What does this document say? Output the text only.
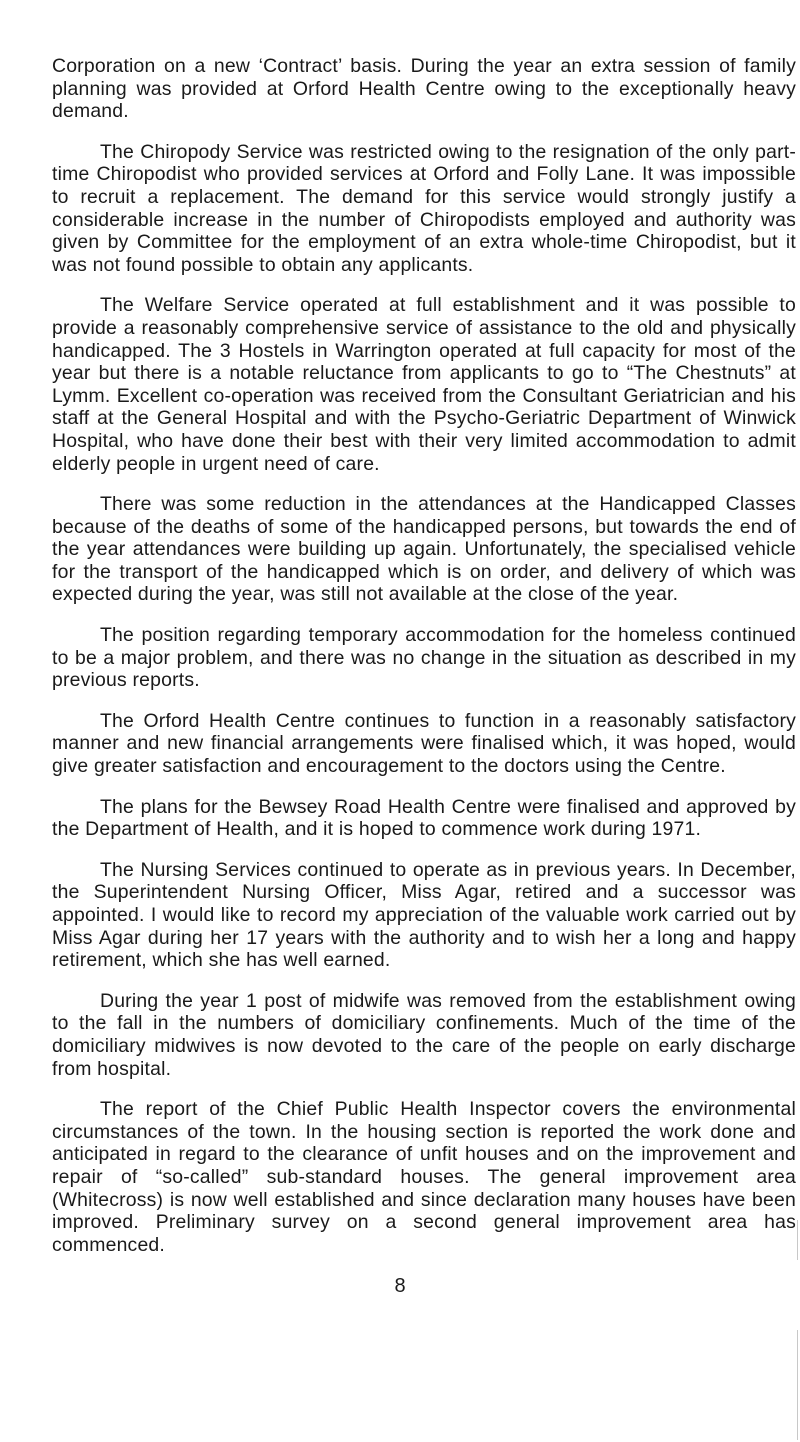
Corporation on a new ‘Contract’ basis. During the year an extra session of family planning was provided at Orford Health Centre owing to the exceptionally heavy demand.

The Chiropody Service was restricted owing to the resignation of the only part-time Chiropodist who provided services at Orford and Folly Lane. It was impossible to recruit a replacement. The demand for this service would strongly justify a considerable increase in the number of Chiropodists employed and authority was given by Committee for the employment of an extra whole-time Chiropodist, but it was not found possible to obtain any applicants.

The Welfare Service operated at full establishment and it was possible to provide a reasonably comprehensive service of assistance to the old and physically handicapped. The 3 Hostels in Warrington operated at full capacity for most of the year but there is a notable reluctance from applicants to go to “The Chestnuts” at Lymm. Excellent co-operation was received from the Consultant Geriatrician and his staff at the General Hospital and with the Psycho-Geriatric Department of Winwick Hospital, who have done their best with their very limited accommodation to admit elderly people in urgent need of care.

There was some reduction in the attendances at the Handicapped Classes because of the deaths of some of the handicapped persons, but towards the end of the year attendances were building up again. Unfortunately, the specialised vehicle for the transport of the handicapped which is on order, and delivery of which was expected during the year, was still not available at the close of the year.

The position regarding temporary accommodation for the homeless continued to be a major problem, and there was no change in the situation as described in my previous reports.

The Orford Health Centre continues to function in a reasonably satisfactory manner and new financial arrangements were finalised which, it was hoped, would give greater satisfaction and encouragement to the doctors using the Centre.

The plans for the Bewsey Road Health Centre were finalised and approved by the Department of Health, and it is hoped to commence work during 1971.

The Nursing Services continued to operate as in previous years. In December, the Superintendent Nursing Officer, Miss Agar, retired and a successor was appointed. I would like to record my appreciation of the valuable work carried out by Miss Agar during her 17 years with the authority and to wish her a long and happy retirement, which she has well earned.

During the year 1 post of midwife was removed from the establishment owing to the fall in the numbers of domiciliary confinements. Much of the time of the domiciliary midwives is now devoted to the care of the people on early discharge from hospital.

The report of the Chief Public Health Inspector covers the environmental circumstances of the town. In the housing section is reported the work done and anticipated in regard to the clearance of unfit houses and on the improvement and repair of “so-called” sub-standard houses. The general improvement area (Whitecross) is now well established and since declaration many houses have been improved. Preliminary survey on a second general improvement area has commenced.

8
